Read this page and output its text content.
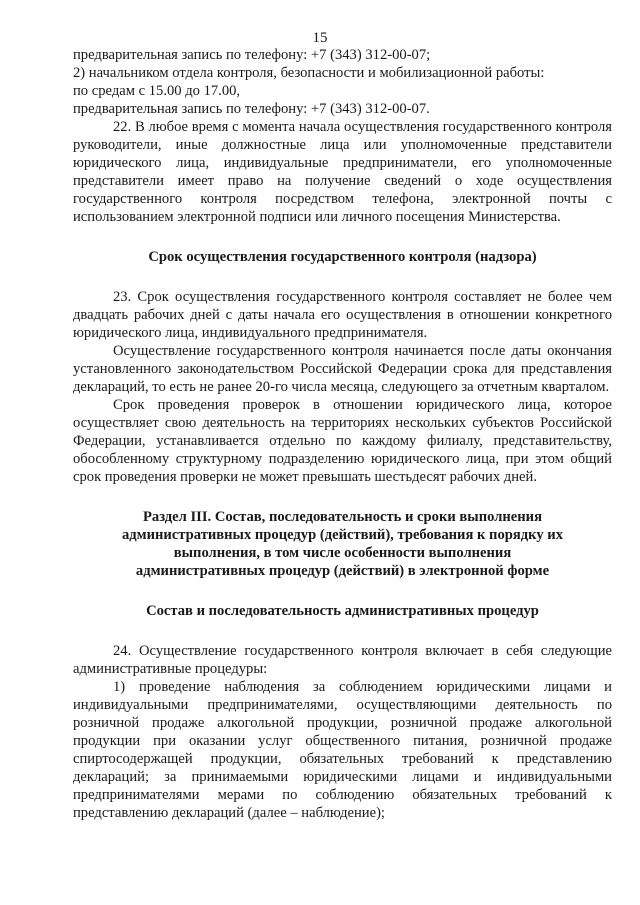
15

предварительная запись по телефону: +7 (343) 312-00-07;

2) начальником отдела контроля, безопасности и мобилизационной работы:

по средам с 15.00 до 17.00,

предварительная запись по телефону: +7 (343) 312-00-07.

22. В любое время с момента начала осуществления государственного контроля руководители, иные должностные лица или уполномоченные представители юридического лица, индивидуальные предприниматели, его уполномоченные представители имеет право на получение сведений о ходе осуществления государственного контроля посредством телефона, электронной почты с использованием электронной подписи или личного посещения Министерства.

Срок осуществления государственного контроля (надзора)

23. Срок осуществления государственного контроля составляет не более чем двадцать рабочих дней с даты начала его осуществления в отношении конкретного юридического лица, индивидуального предпринимателя.

Осуществление государственного контроля начинается после даты окончания установленного законодательством Российской Федерации срока для представления деклараций, то есть не ранее 20-го числа месяца, следующего за отчетным кварталом.

Срок проведения проверок в отношении юридического лица, которое осуществляет свою деятельность на территориях нескольких субъектов Российской Федерации, устанавливается отдельно по каждому филиалу, представительству, обособленному структурному подразделению юридического лица, при этом общий срок проведения проверки не может превышать шестьдесят рабочих дней.

Раздел III. Состав, последовательность и сроки выполнения административных процедур (действий), требования к порядку их выполнения, в том числе особенности выполнения административных процедур (действий) в электронной форме
Состав и последовательность административных процедур

24. Осуществление государственного контроля включает в себя следующие административные процедуры:

1) проведение наблюдения за соблюдением юридическими лицами и индивидуальными предпринимателями, осуществляющими деятельность по розничной продаже алкогольной продукции, розничной продаже алкогольной продукции при оказании услуг общественного питания, розничной продаже спиртосодержащей продукции, обязательных требований к представлению деклараций; за принимаемыми юридическими лицами и индивидуальными предпринимателями мерами по соблюдению обязательных требований к представлению деклараций (далее – наблюдение);
